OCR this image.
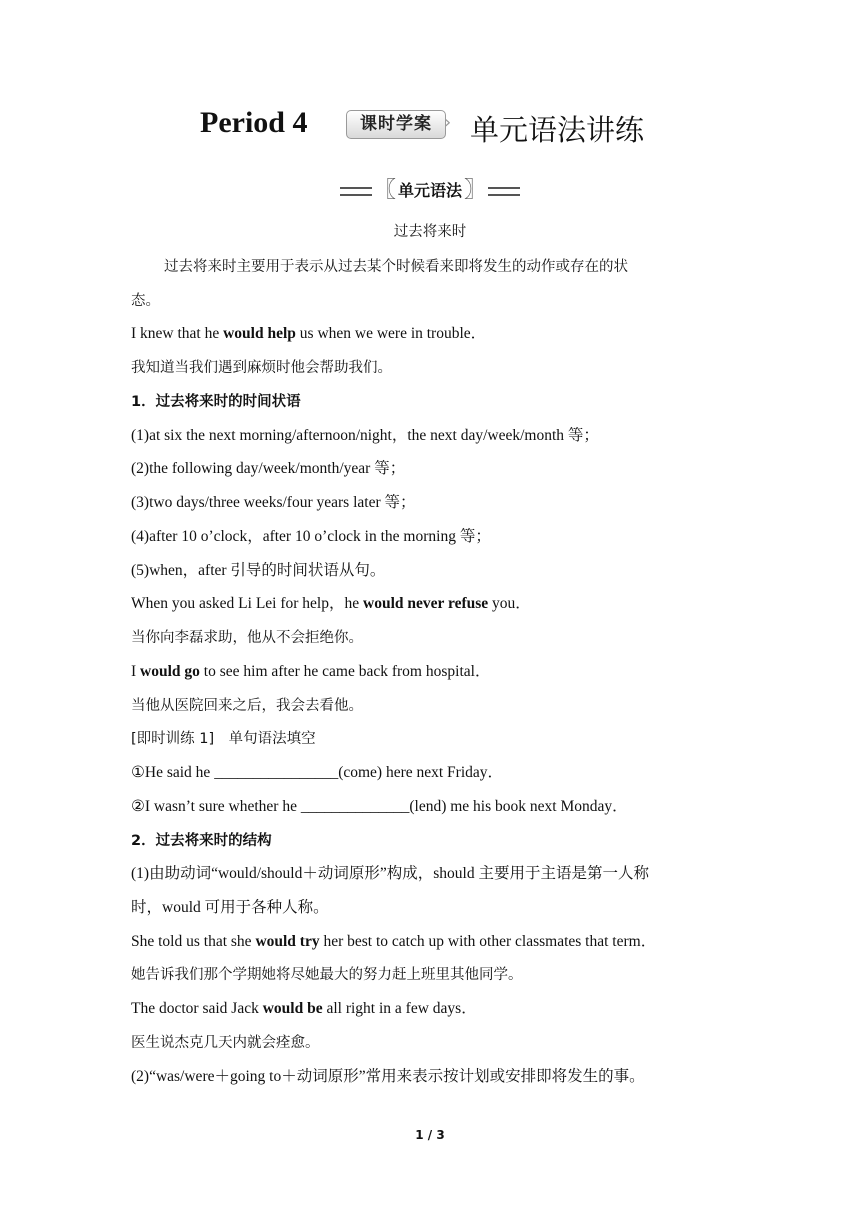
Period 4	课时学案 › 单元语法讲练
〖 单元语法 〗
过去将来时
过去将来时主要用于表示从过去某个时候看来即将发生的动作或存在的状
态。
I knew that he would help us when we were in trouble．
我知道当我们遇到麻烦时他会帮助我们。
1．过去将来时的时间状语
(1)at six the next morning/afternoon/night，the next day/week/month 等；
(2)the following day/week/month/year 等；
(3)two days/three weeks/four years later 等；
(4)after 10 o’clock，after 10 o’clock in the morning 等；
(5)when，after 引导的时间状语从句。
When you asked Li Lei for help，he would never refuse you．
当你向李磊求助，他从不会拒绝你。
I would go to see him after he came back from hospital．
当他从医院回来之后，我会去看他。
[即时训练 1]　单句语法填空
①He said he ________________(come) here next Friday．
②I wasn’t sure whether he ______________(lend) me his book next Monday．
2．过去将来时的结构
(1)由助动词“would/should＋动词原形”构成，should 主要用于主语是第一人称
时，would 可用于各种人称。
She told us that she would try her best to catch up with other classmates that term．
她告诉我们那个学期她将尽她最大的努力赶上班里其他同学。
The doctor said Jack would be all right in a few days．
医生说杰克几天内就会痊愈。
(2)“was/were＋going to＋动词原形”常用来表示按计划或安排即将发生的事。
1 / 3
